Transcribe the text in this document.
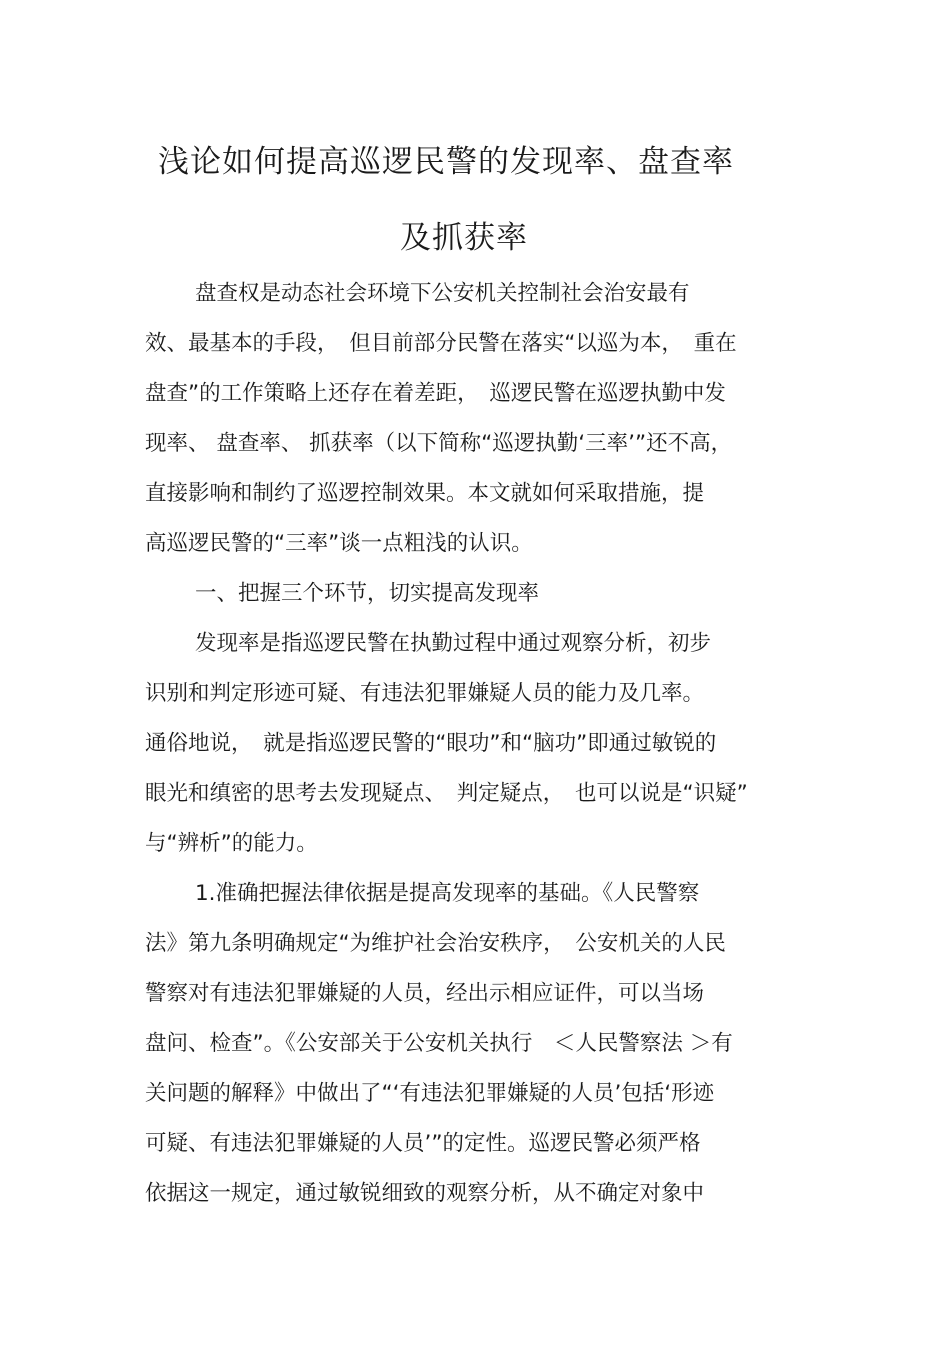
浅论如何提高巡逻民警的发现率、盘查率
及抓获率
盘查权是动态社会环境下公安机关控制社会治安最有
效、最基本的手段，　但目前部分民警在落实“以巡为本，　重在
盘查”的工作策略上还存在着差距，　巡逻民警在巡逻执勤中发
现率、 盘查率、 抓获率（以下简称“巡逻执勤‘三率’”还不高，
直接影响和制约了巡逻控制效果。本文就如何采取措施，提
高巡逻民警的“三率”谈一点粗浅的认识。
一、把握三个环节，切实提高发现率
发现率是指巡逻民警在执勤过程中通过观察分析，初步
识别和判定形迹可疑、有违法犯罪嫌疑人员的能力及几率。
通俗地说，　就是指巡逻民警的“眼功”和“脑功”即通过敏锐的
眼光和缜密的思考去发现疑点、　判定疑点，　也可以说是“识疑”
与“辨析”的能力。
1.准确把握法律依据是提高发现率的基础。《人民警察
法》第九条明确规定“为维护社会治安秩序，　公安机关的人民
警察对有违法犯罪嫌疑的人员，经出示相应证件，可以当场
盘问、检查”。《公安部关于公安机关执行　＜人民警察法 ＞有
关问题的解释》中做出了“‘有违法犯罪嫌疑的人员’包括‘形迹
可疑、有违法犯罪嫌疑的人员’”的定性。巡逻民警必须严格
依据这一规定，通过敏锐细致的观察分析，从不确定对象中
